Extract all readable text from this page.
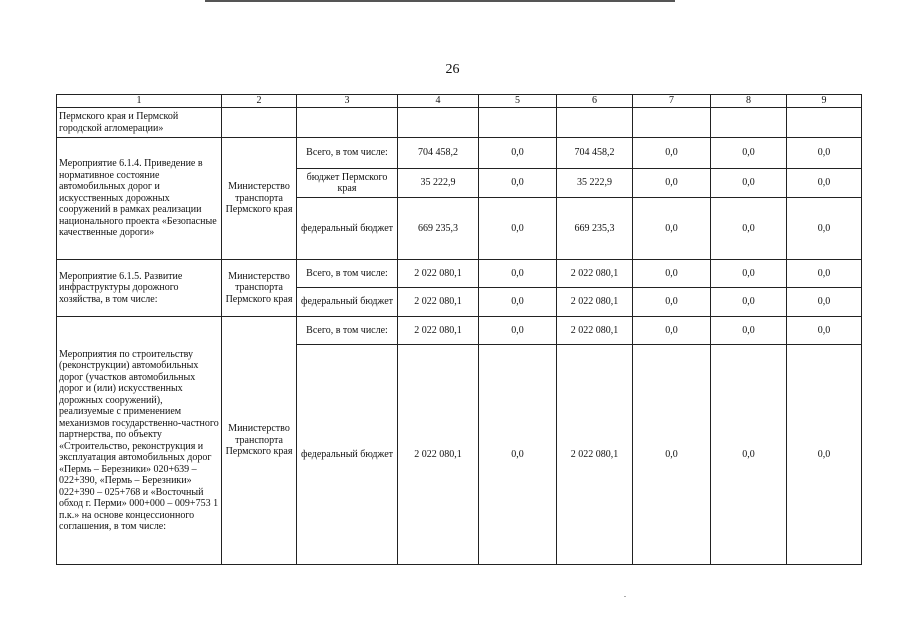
26
1	2	3	4	5	6	7	8	9
Пермского края и Пермской городской агломерации»								
Мероприятие 6.1.4. Приведение в нормативное состояние автомобильных дорог и искусственных дорожных сооружений в рамках реализации национального проекта «Безопасные качественные дороги»	Министерство транспорта Пермского края	Всего, в том числе:	704 458,2	0,0	704 458,2	0,0	0,0	0,0
		бюджет Пермского края	35 222,9	0,0	35 222,9	0,0	0,0	0,0
		федеральный бюджет	669 235,3	0,0	669 235,3	0,0	0,0	0,0
Мероприятие 6.1.5. Развитие инфраструктуры дорожного хозяйства, в том числе:	Министерство транспорта Пермского края	Всего, в том числе:	2 022 080,1	0,0	2 022 080,1	0,0	0,0	0,0
		федеральный бюджет	2 022 080,1	0,0	2 022 080,1	0,0	0,0	0,0
Мероприятия по строительству (реконструкции) автомобильных дорог (участков автомобильных дорог и (или) искусственных дорожных сооружений), реализуемые с применением механизмов государственно-частного партнерства, по объекту «Строительство, реконструкция и эксплуатация автомобильных дорог «Пермь – Березники» 020+639 – 022+390, «Пермь – Березники» 022+390 – 025+768 и «Восточный обход г. Перми» 000+000 – 009+753 1 п.к.» на основе концессионного соглашения, в том числе:	Министерство транспорта Пермского края	Всего, в том числе:	2 022 080,1	0,0	2 022 080,1	0,0	0,0	0,0
		федеральный бюджет	2 022 080,1	0,0	2 022 080,1	0,0	0,0	0,0
